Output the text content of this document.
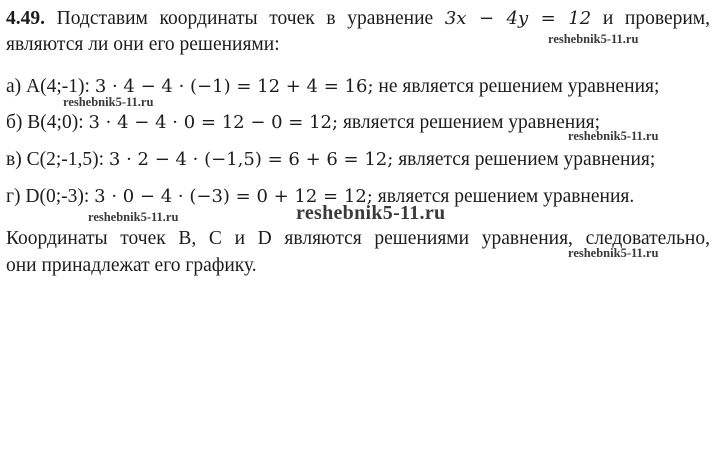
4.49. Подставим координаты точек в уравнение 3x − 4y = 12 и проверим,
являются ли они его решениями:
а) A(4;-1): 3 · 4 − 4 · (−1) = 12 + 4 = 16; не является решением уравнения;
б) B(4;0): 3 · 4 − 4 · 0 = 12 − 0 = 12; является решением уравнения;
в) C(2;-1,5): 3 · 2 − 4 · (−1,5) = 6 + 6 = 12; является решением уравнения;
г) D(0;-3): 3 · 0 − 4 · (−3) = 0 + 12 = 12; является решением уравнения.
Координаты точек B, C и D являются решениями уравнения, следовательно,
они принадлежат его графику.
reshebnik5-11.ru
reshebnik5-11.ru
reshebnik5-11.ru
reshebnik5-11.ru
reshebnik5-11.ru
reshebnik5-11.ru
